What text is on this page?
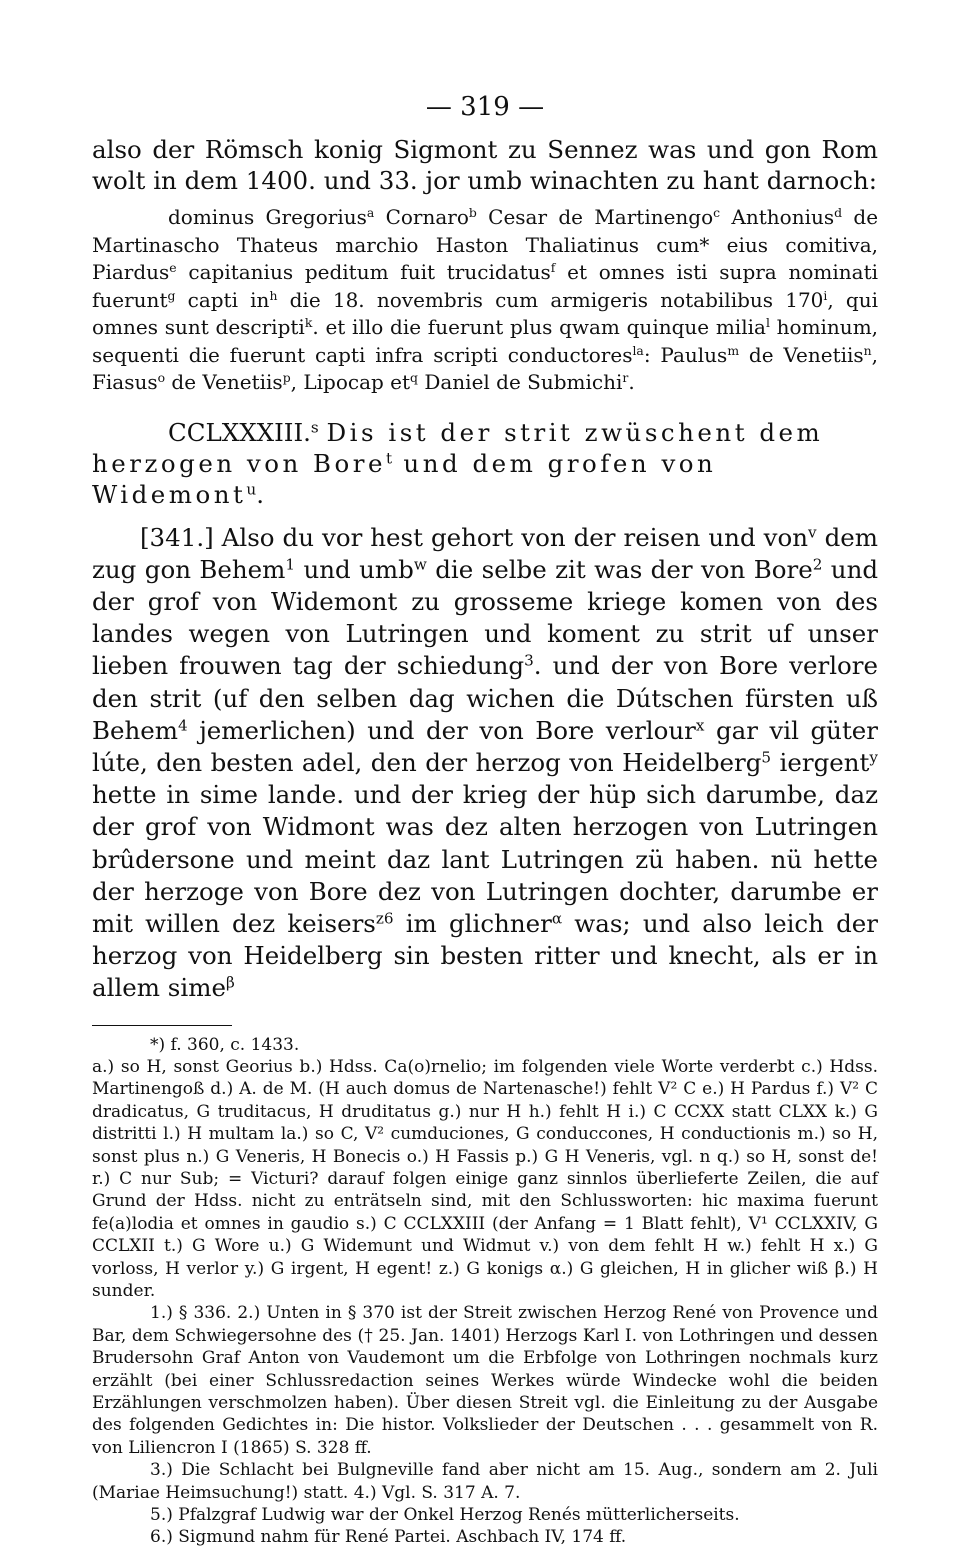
— 319 —

also der Römsch konig Sigmont zu Sennez was und gon Rom wolt in dem 1400. und 33. jor umb winachten zu hant darnoch:

dominus Gregorius$^a$ Cornaro$^b$ Cesar de Martinengo$^c$ Anthonius$^d$ de Martinascho Thateus marchio Haston Thaliatinus cum* eius comitiva, Piardus$^e$ capitanius peditum fuit trucidatus$^f$ et omnes isti supra nominati fuerunt$^g$ capti $in^h$ die 18. novembris cum armigeris notabilibus 170$^i$, qui omnes sunt descripti$^k$. et illo die fuerunt plus qwam quinque milia$^l$ hominum, sequenti die fuerunt capti infra scripti conductores$^{la}$: Paulus$^m$ de Venetiis$^n$, Fiasus$^o$ de Venetiis$^p$, Lipocap $et^q$ Daniel de Submichi$^r$.

CCLXXXIII.$^s$ Dis ist der strit zwüschent dem herzogen von Bore$^t$ und dem grofen von Widemont$^u$.

[341.] Also du vor hest gehort von der reisen und von$^v$ dem zug gon Behem$^1$ und umb$^w$ die selbe zit was der von Bore$^2$ und der grof von Widemont zu grosseme kriege komen von des landes wegen von Lutringen und koment zu strit uf unser lieben frouwen tag der schiedung$^3$. und der von Bore verlore den strit (uf den selben dag wichen die Dútschen fürsten uß Behem$^4$ jemerlichen) und der von Bore verlour$^x$ gar vil güter lúte, den besten adel, den der herzog von Heidelberg$^5$ iergent$^y$ hette in sime lande. und der krieg der hüp sich darumbe, daz der grof von Widmont was dez alten herzogen von Lutringen brûdersone und meint daz lant Lutringen zü haben. nü hette der herzoge von Bore dez von Lutringen dochter, darumbe er mit willen dez keisers$^{z6}$ im glichner$^\alpha$ was; und also leich der herzog von Heidelberg sin besten ritter und knecht, als er in allem sime$^\beta$

*) f. 360, c. 1433.

a.) so H, sonst Georius b.) Hdss. Ca(o)rnelio; im folgenden viele Worte verderbt c.) Hdss. Martinengoß d.) A. de M. (H auch domus de Nartenasche!) fehlt V² C e.) H Pardus f.) V² C dradicatus, G truditacus, H druditatus g.) nur H h.) fehlt H i.) C CCXX statt CLXX k.) G distritti l.) H multam la.) so C, V² cumduciones, G conduccones, H conductionis m.) so H, sonst plus n.) G Veneris, H Bonecis o.) H Fassis p.) G H Veneris, vgl. n q.) so H, sonst de! r.) C nur Sub; = Victuri? darauf folgen einige ganz sinnlos überlieferte Zeilen, die auf Grund der Hdss. nicht zu enträtseln sind, mit den Schlussworten: hic maxima fuerunt fe(a)lodia et omnes in gaudio s.) C CCLXXIII (der Anfang = 1 Blatt fehlt), V¹ CCLXXIV, G CCLXII t.) G Wore u.) G Widemunt und Widmut v.) von dem fehlt H w.) fehlt H x.) G vorloss, H verlor y.) G irgent, H egent! z.) G konigs α.) G gleichen, H in glicher wiß β.) H sunder.

1.) § 336. 2.) Unten in § 370 ist der Streit zwischen Herzog René von Provence und Bar, dem Schwiegersohne des († 25. Jan. 1401) Herzogs Karl I. von Lothringen und dessen Brudersohn Graf Anton von Vaudemont um die Erbfolge von Lothringen nochmals kurz erzählt (bei einer Schlussredaction seines Werkes würde Windecke wohl die beiden Erzählungen verschmolzen haben). Über diesen Streit vgl. die Einleitung zu der Ausgabe des folgenden Gedichtes in: Die histor. Volkslieder der Deutschen . . . gesammelt von R. von Liliencron I (1865) S. 328 ff.

3.) Die Schlacht bei Bulgneville fand aber nicht am 15. Aug., sondern am 2. Juli (Mariae Heimsuchung!) statt. 4.) Vgl. S. 317 A. 7.

5.) Pfalzgraf Ludwig war der Onkel Herzog Renés mütterlicherseits.

6.) Sigmund nahm für René Partei. Aschbach IV, 174 ff.
